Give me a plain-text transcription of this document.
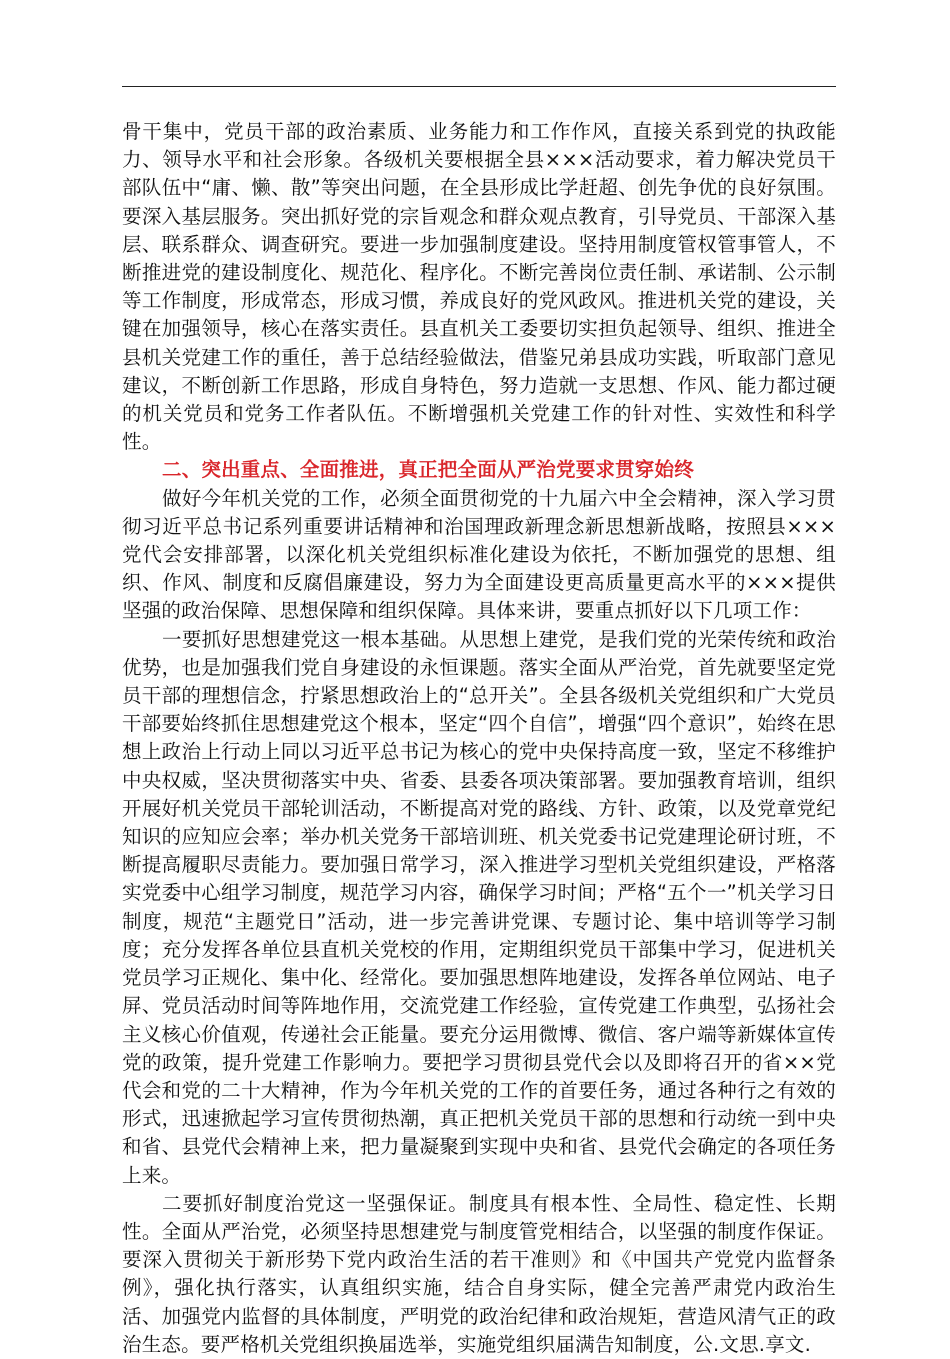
骨干集中，党员干部的政治素质、业务能力和工作作风，直接关系到党的执政能力、领导水平和社会形象。各级机关要根据全县×××活动要求，着力解决党员干部队伍中“庸、懒、散”等突出问题，在全县形成比学赶超、创先争优的良好氛围。要深入基层服务。突出抓好党的宗旨观念和群众观点教育，引导党员、干部深入基层、联系群众、调查研究。要进一步加强制度建设。坚持用制度管权管事管人，不断推进党的建设制度化、规范化、程序化。不断完善岗位责任制、承诺制、公示制等工作制度，形成常态，形成习惯，养成良好的党风政风。推进机关党的建设，关键在加强领导，核心在落实责任。县直机关工委要切实担负起领导、组织、推进全县机关党建工作的重任，善于总结经验做法，借鉴兄弟县成功实践，听取部门意见建议，不断创新工作思路，形成自身特色，努力造就一支思想、作风、能力都过硬的机关党员和党务工作者队伍。不断增强机关党建工作的针对性、实效性和科学性。

二、突出重点、全面推进，真正把全面从严治党要求贯穿始终

做好今年机关党的工作，必须全面贯彻党的十九届六中全会精神，深入学习贯彻习近平总书记系列重要讲话精神和治国理政新理念新思想新战略，按照县×××党代会安排部署，以深化机关党组织标准化建设为依托，不断加强党的思想、组织、作风、制度和反腐倡廉建设，努力为全面建设更高质量更高水平的×××提供坚强的政治保障、思想保障和组织保障。具体来讲，要重点抓好以下几项工作：

一要抓好思想建党这一根本基础。从思想上建党，是我们党的光荣传统和政治优势，也是加强我们党自身建设的永恒课题。落实全面从严治党，首先就要坚定党员干部的理想信念，拧紧思想政治上的“总开关”。全县各级机关党组织和广大党员干部要始终抓住思想建党这个根本，坚定“四个自信”，增强“四个意识”，始终在思想上政治上行动上同以习近平总书记为核心的党中央保持高度一致，坚定不移维护中央权威，坚决贯彻落实中央、省委、县委各项决策部署。要加强教育培训，组织开展好机关党员干部轮训活动，不断提高对党的路线、方针、政策，以及党章党纪知识的应知应会率；举办机关党务干部培训班、机关党委书记党建理论研讨班，不断提高履职尽责能力。要加强日常学习，深入推进学习型机关党组织建设，严格落实党委中心组学习制度，规范学习内容，确保学习时间；严格“五个一”机关学习日制度，规范“主题党日”活动，进一步完善讲党课、专题讨论、集中培训等学习制度；充分发挥各单位县直机关党校的作用，定期组织党员干部集中学习，促进机关党员学习正规化、集中化、经常化。要加强思想阵地建设，发挥各单位网站、电子屏、党员活动时间等阵地作用，交流党建工作经验，宣传党建工作典型，弘扬社会主义核心价值观，传递社会正能量。要充分运用微博、微信、客户端等新媒体宣传党的政策，提升党建工作影响力。要把学习贯彻县党代会以及即将召开的省××党代会和党的二十大精神，作为今年机关党的工作的首要任务，通过各种行之有效的形式，迅速掀起学习宣传贯彻热潮，真正把机关党员干部的思想和行动统一到中央和省、县党代会精神上来，把力量凝聚到实现中央和省、县党代会确定的各项任务上来。

二要抓好制度治党这一坚强保证。制度具有根本性、全局性、稳定性、长期性。全面从严治党，必须坚持思想建党与制度管党相结合，以坚强的制度作保证。要深入贯彻关于新形势下党内政治生活的若干准则》和《中国共产党党内监督条例》，强化执行落实，认真组织实施，结合自身实际，健全完善严肃党内政治生活、加强党内监督的具体制度，严明党的政治纪律和政治规矩，营造风清气正的政治生态。要严格机关党组织换届选举，实施党组织届满告知制度，公.文思.享文.
